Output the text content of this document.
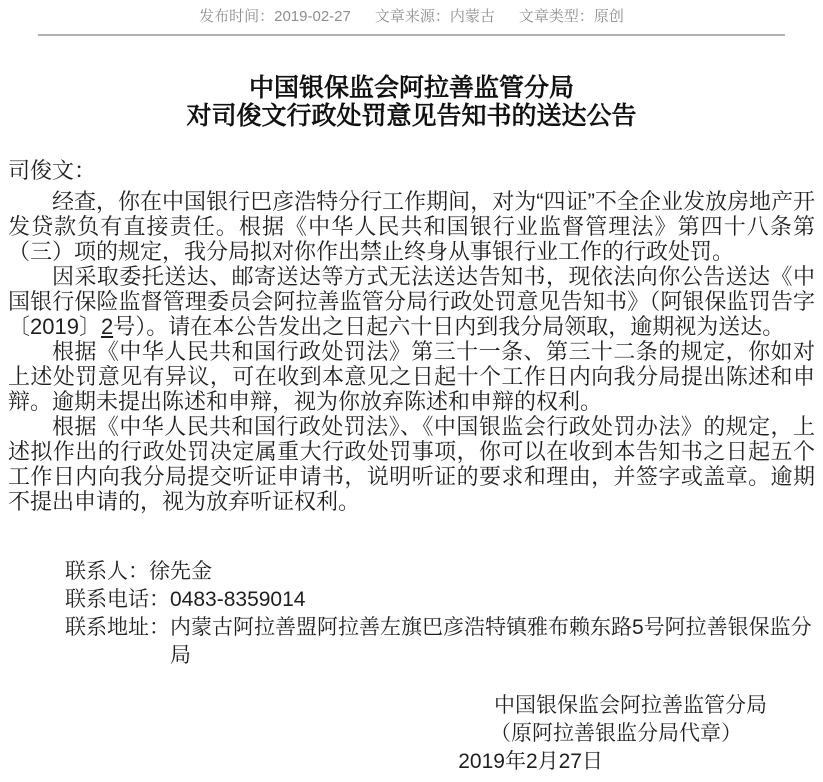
发布时间：2019-02-27 文章来源：内蒙古 文章类型：原创
中国银保监会阿拉善监管分局
对司俊文行政处罚意见告知书的送达公告
司俊文：

经查，你在中国银行巴彦浩特分行工作期间，对为“四证”不全企业发放房地产开发贷款负有直接责任。根据《中华人民共和国银行业监督管理法》第四十八条第（三）项的规定，我分局拟对你作出禁止终身从事银行业工作的行政处罚。

因采取委托送达、邮寄送达等方式无法送达告知书，现依法向你公告送达《中国银行保险监督管理委员会阿拉善监管分局行政处罚意见告知书》（阿银保监罚告字〔2019〕2号）。请在本公告发出之日起六十日内到我分局领取，逾期视为送达。

根据《中华人民共和国行政处罚法》第三十一条、第三十二条的规定，你如对上述处罚意见有异议，可在收到本意见之日起十个工作日内向我分局提出陈述和申辩。逾期未提出陈述和申辩，视为你放弃陈述和申辩的权利。

根据《中华人民共和国行政处罚法》、《中国银监会行政处罚办法》的规定，上述拟作出的行政处罚决定属重大行政处罚事项，你可以在收到本告知书之日起五个工作日内向我分局提交听证申请书，说明听证的要求和理由，并签字或盖章。逾期不提出申请的，视为放弃听证权利。

联系人：徐先金
联系电话：0483-8359014
联系地址：内蒙古阿拉善盟阿拉善左旗巴彦浩特镇雅布赖东路5号阿拉善银保监分局
中国银保监会阿拉善监管分局
（原阿拉善银监分局代章）
2019年2月27日
